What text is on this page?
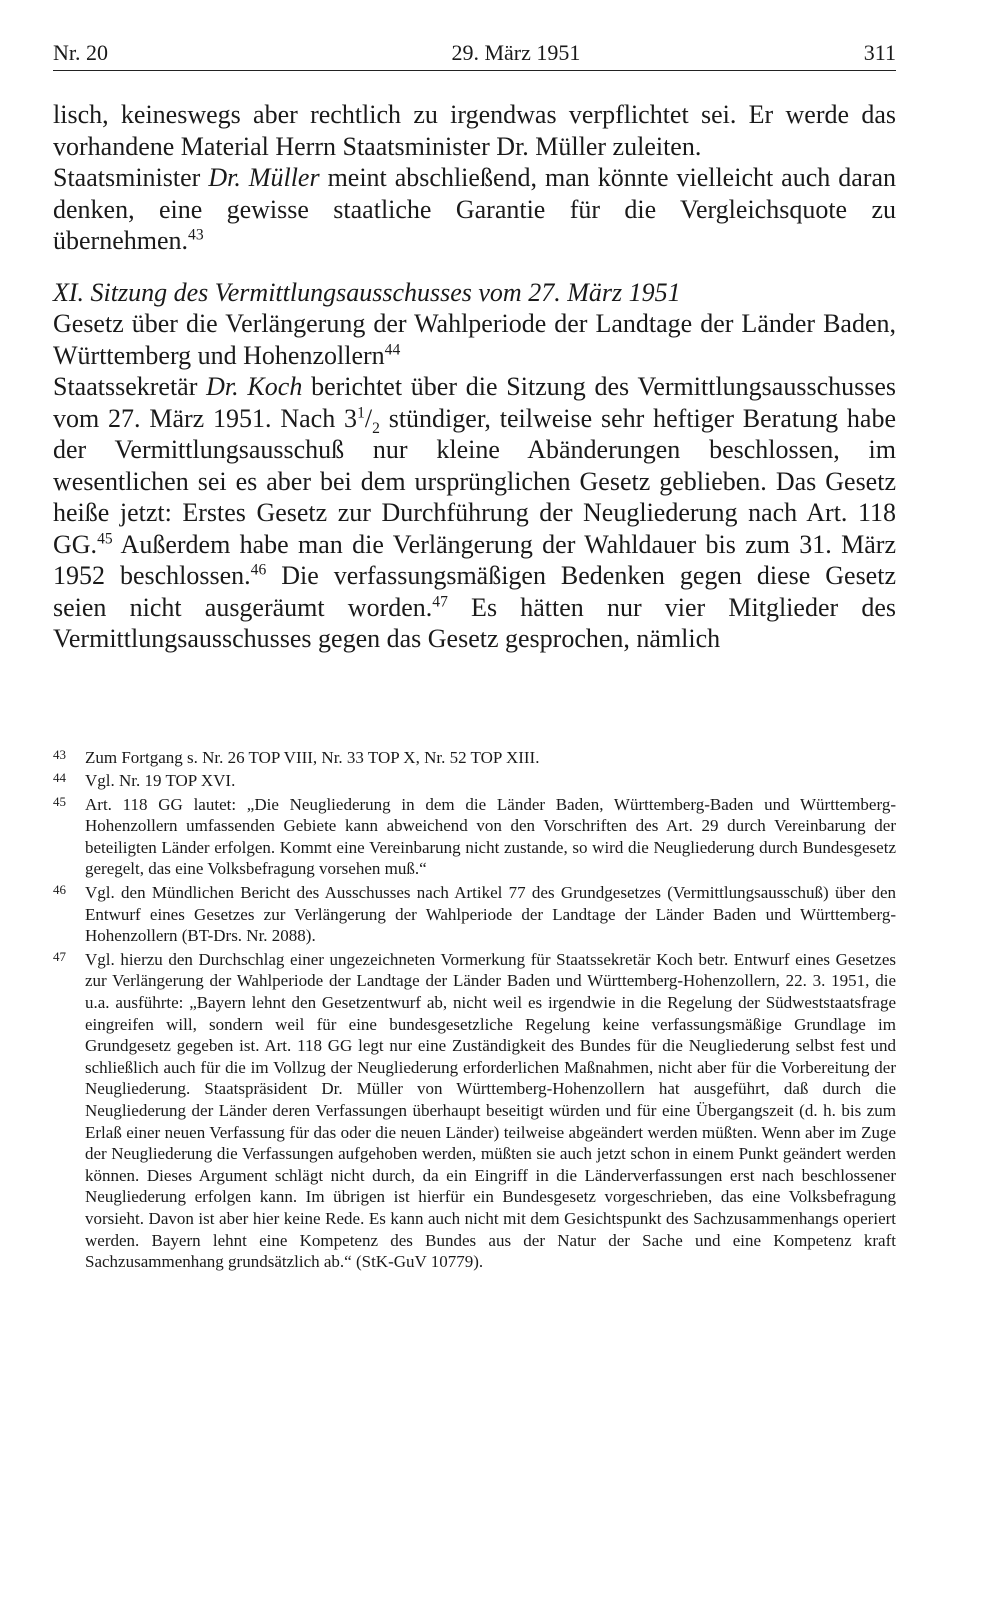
Nr. 20	29. März 1951	311

lisch, keineswegs aber rechtlich zu irgendwas verpflichtet sei. Er werde das vorhandene Material Herrn Staatsminister Dr. Müller zuleiten.

Staatsminister Dr. Müller meint abschließend, man könnte vielleicht auch daran denken, eine gewisse staatliche Garantie für die Vergleichsquote zu übernehmen.$^{43}$

XI. Sitzung des Vermittlungsausschusses vom 27. März 1951

Gesetz über die Verlängerung der Wahlperiode der Landtage der Länder Baden, Württemberg und Hohenzollern$^{44}$

Staatssekretär Dr. Koch berichtet über die Sitzung des Vermittlungsausschusses vom 27. März 1951. Nach $3^1/_2$ stündiger, teilweise sehr heftiger Beratung habe der Vermittlungsausschuß nur kleine Abänderungen beschlossen, im wesentlichen sei es aber bei dem ursprünglichen Gesetz geblieben. Das Gesetz heiße jetzt: Erstes Gesetz zur Durchführung der Neugliederung nach Art. 118 GG.$^{45}$ Außerdem habe man die Verlängerung der Wahldauer bis zum 31. März 1952 beschlossen.$^{46}$ Die verfassungsmäßigen Bedenken gegen diese Gesetz seien nicht ausgeräumt worden.$^{47}$ Es hätten nur vier Mitglieder des Vermittlungsausschusses gegen das Gesetz gesprochen, nämlich

43 Zum Fortgang s. Nr. 26 TOP VIII, Nr. 33 TOP X, Nr. 52 TOP XIII.
44 Vgl. Nr. 19 TOP XVI.
45 Art. 118 GG lautet: „Die Neugliederung in dem die Länder Baden, Württemberg-Baden und Württemberg-Hohenzollern umfassenden Gebiete kann abweichend von den Vorschriften des Art. 29 durch Vereinbarung der beteiligten Länder erfolgen. Kommt eine Vereinbarung nicht zustande, so wird die Neugliederung durch Bundesgesetz geregelt, das eine Volksbefragung vorsehen muß.“
46 Vgl. den Mündlichen Bericht des Ausschusses nach Artikel 77 des Grundgesetzes (Vermittlungsausschuß) über den Entwurf eines Gesetzes zur Verlängerung der Wahlperiode der Landtage der Länder Baden und Württemberg-Hohenzollern (BT-Drs. Nr. 2088).
47 Vgl. hierzu den Durchschlag einer ungezeichneten Vormerkung für Staatssekretär Koch betr. Entwurf eines Gesetzes zur Verlängerung der Wahlperiode der Landtage der Länder Baden und Württemberg-Hohenzollern, 22. 3. 1951, die u.a. ausführte: „Bayern lehnt den Gesetzentwurf ab, nicht weil es irgendwie in die Regelung der Südweststaatsfrage eingreifen will, sondern weil für eine bundesgesetzliche Regelung keine verfassungsmäßige Grundlage im Grundgesetz gegeben ist. Art. 118 GG legt nur eine Zuständigkeit des Bundes für die Neugliederung selbst fest und schließlich auch für die im Vollzug der Neugliederung erforderlichen Maßnahmen, nicht aber für die Vorbereitung der Neugliederung. Staatspräsident Dr. Müller von Württemberg-Hohenzollern hat ausgeführt, daß durch die Neugliederung der Länder deren Verfassungen überhaupt beseitigt würden und für eine Übergangszeit (d. h. bis zum Erlaß einer neuen Verfassung für das oder die neuen Länder) teilweise abgeändert werden müßten. Wenn aber im Zuge der Neugliederung die Verfassungen aufgehoben werden, müßten sie auch jetzt schon in einem Punkt geändert werden können. Dieses Argument schlägt nicht durch, da ein Eingriff in die Länderverfassungen erst nach beschlossener Neugliederung erfolgen kann. Im übrigen ist hierfür ein Bundesgesetz vorgeschrieben, das eine Volksbefragung vorsieht. Davon ist aber hier keine Rede. Es kann auch nicht mit dem Gesichtspunkt des Sachzusammenhangs operiert werden. Bayern lehnt eine Kompetenz des Bundes aus der Natur der Sache und eine Kompetenz kraft Sachzusammenhang grundsätzlich ab.“ (StK-GuV 10779).
